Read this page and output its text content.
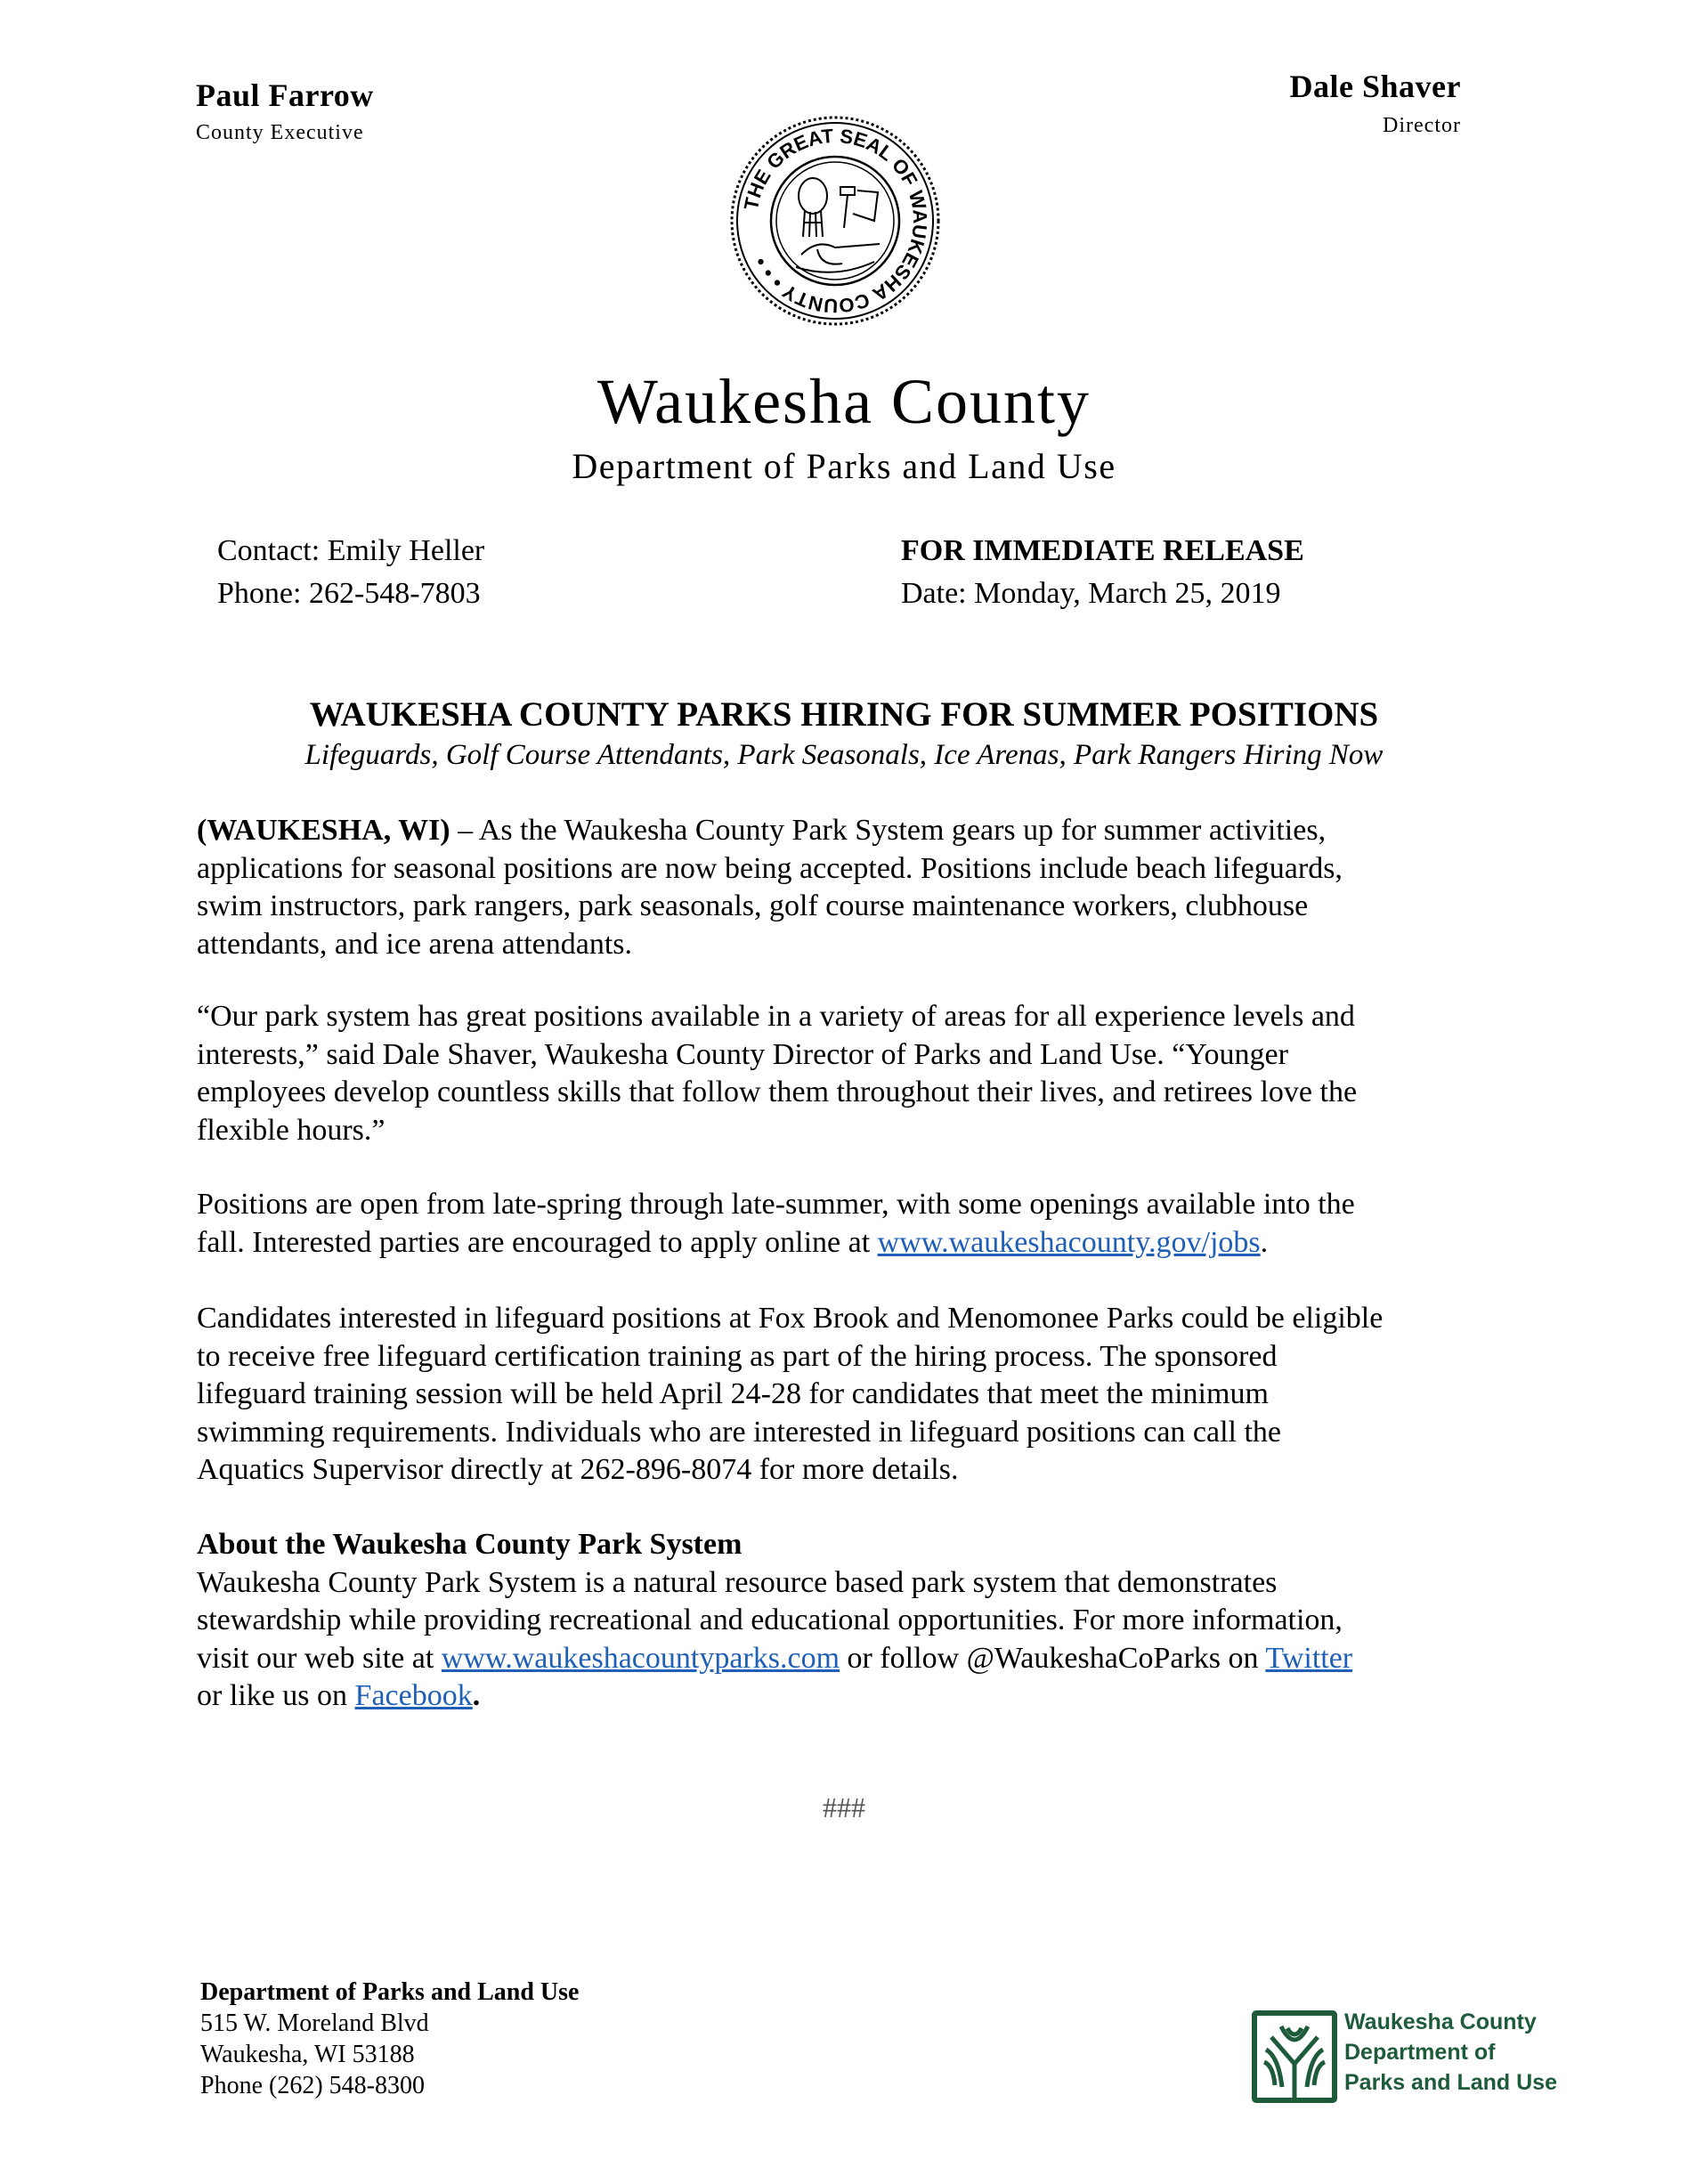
Paul Farrow
County Executive
Dale Shaver
Director
THE GREAT SEAL OF WAUKESHA COUNTY • • •
Waukesha County
Department of Parks and Land Use
Contact: Emily Heller
Phone: 262-548-7803
FOR IMMEDIATE RELEASE
Date: Monday, March 25, 2019
WAUKESHA COUNTY PARKS HIRING FOR SUMMER POSITIONS
Lifeguards, Golf Course Attendants, Park Seasonals, Ice Arenas, Park Rangers Hiring Now

(WAUKESHA, WI) – As the Waukesha County Park System gears up for summer activities,

applications for seasonal positions are now being accepted. Positions include beach lifeguards,

swim instructors, park rangers, park seasonals, golf course maintenance workers, clubhouse

attendants, and ice arena attendants.

“Our park system has great positions available in a variety of areas for all experience levels and

interests,” said Dale Shaver, Waukesha County Director of Parks and Land Use. “Younger

employees develop countless skills that follow them throughout their lives, and retirees love the

flexible hours.”

Positions are open from late-spring through late-summer, with some openings available into the

fall. Interested parties are encouraged to apply online at www.waukeshacounty.gov/jobs.

Candidates interested in lifeguard positions at Fox Brook and Menomonee Parks could be eligible

to receive free lifeguard certification training as part of the hiring process. The sponsored

lifeguard training session will be held April 24-28 for candidates that meet the minimum

swimming requirements. Individuals who are interested in lifeguard positions can call the

Aquatics Supervisor directly at 262-896-8074 for more details.

About the Waukesha County Park System

Waukesha County Park System is a natural resource based park system that demonstrates

stewardship while providing recreational and educational opportunities. For more information,

visit our web site at www.waukeshacountyparks.com or follow @WaukeshaCoParks on Twitter

or like us on Facebook.

###
Department of Parks and Land Use
515 W. Moreland Blvd
Waukesha, WI 53188
Phone (262) 548-8300
Waukesha County
Department of
Parks and Land Use
